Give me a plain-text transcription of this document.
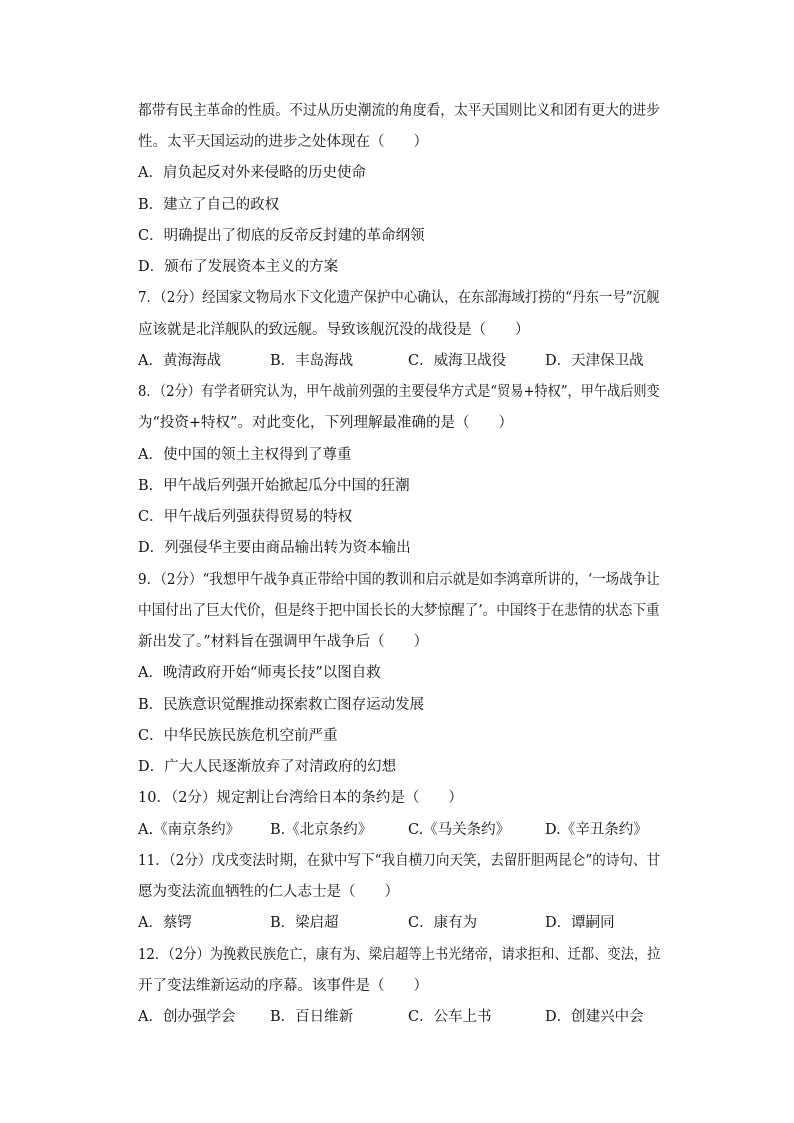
都带有民主革命的性质。不过从历史潮流的角度看，太平天国则比义和团有更大的进步
性。太平天国运动的进步之处体现在（　　）
A．肩负起反对外来侵略的历史使命
B．建立了自己的政权
C．明确提出了彻底的反帝反封建的革命纲领
D．颁布了发展资本主义的方案
7．（2分）经国家文物局水下文化遗产保护中心确认，在东部海域打捞的“丹东一号”沉舰
应该就是北洋舰队的致远舰。导致该舰沉没的战役是（　　）
A．黄海海战	B．丰岛海战	C．威海卫战役	D．天津保卫战
8．（2分）有学者研究认为，甲午战前列强的主要侵华方式是“贸易+特权”，甲午战后则变
为“投资+特权”。对此变化，下列理解最准确的是（　　）
A．使中国的领土主权得到了尊重
B．甲午战后列强开始掀起瓜分中国的狂潮
C．甲午战后列强获得贸易的特权
D．列强侵华主要由商品输出转为资本输出
9．（2分）“我想甲午战争真正带给中国的教训和启示就是如李鸿章所讲的，‘一场战争让
中国付出了巨大代价，但是终于把中国长长的大梦惊醒了’。中国终于在悲情的状态下重
新出发了。”材料旨在强调甲午战争后（　　）
A．晚清政府开始“师夷长技”以图自救
B．民族意识觉醒推动探索救亡图存运动发展
C．中华民族民族危机空前严重
D．广大人民逐渐放弃了对清政府的幻想
10．（2分）规定割让台湾给日本的条约是（　　）
A.《南京条约》 B.《北京条约》 C.《马关条约》 D.《辛丑条约》
11．（2分）戊戌变法时期，在狱中写下“我自横刀向天笑，去留肝胆两昆仑”的诗句、甘
愿为变法流血牺牲的仁人志士是（　　）
A．蔡锷	B．梁启超	C．康有为	D．谭嗣同
12．（2分）为挽救民族危亡，康有为、梁启超等上书光绪帝，请求拒和、迁都、变法，拉
开了变法维新运动的序幕。该事件是（　　）
A．创办强学会 B．百日维新	C．公车上书	D．创建兴中会
